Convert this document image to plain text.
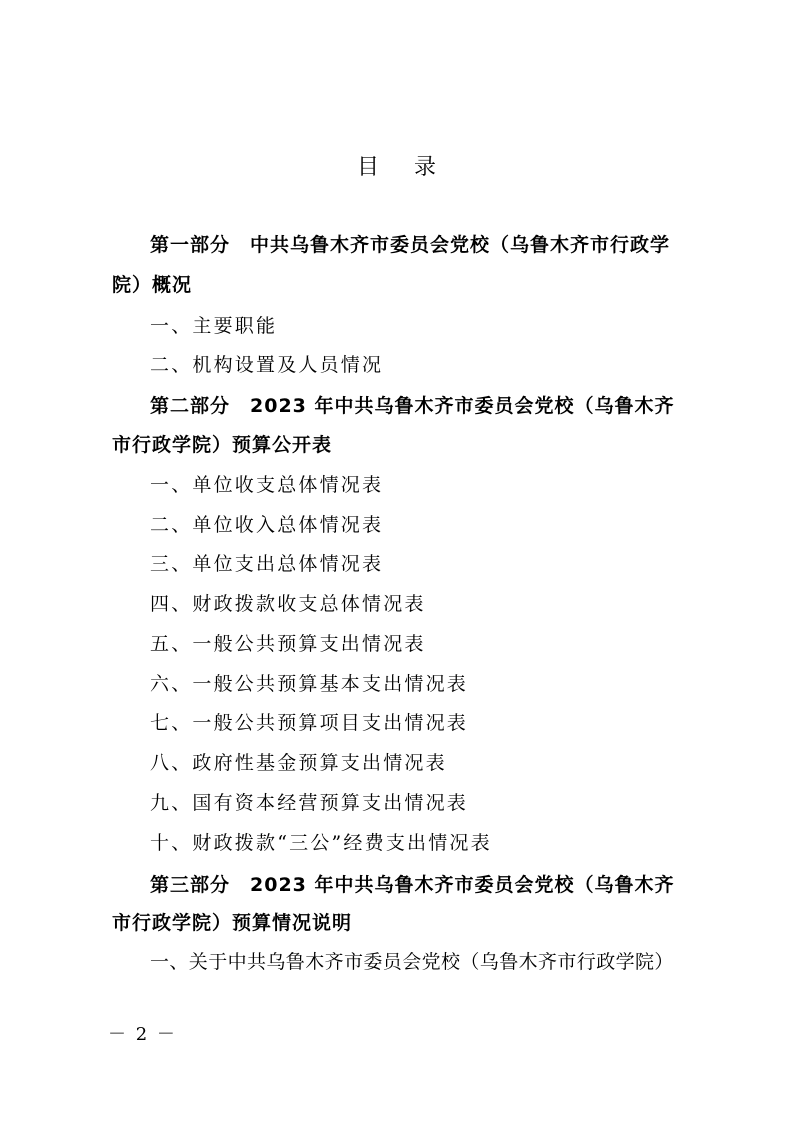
目 录
第一部分　中共乌鲁木齐市委员会党校（乌鲁木齐市行政学
院）概况
一、主要职能
二、机构设置及人员情况
第二部分　2023 年中共乌鲁木齐市委员会党校（乌鲁木齐
市行政学院）预算公开表
一、单位收支总体情况表
二、单位收入总体情况表
三、单位支出总体情况表
四、财政拨款收支总体情况表
五、一般公共预算支出情况表
六、一般公共预算基本支出情况表
七、一般公共预算项目支出情况表
八、政府性基金预算支出情况表
九、国有资本经营预算支出情况表
十、财政拨款“三公”经费支出情况表
第三部分　2023 年中共乌鲁木齐市委员会党校（乌鲁木齐
市行政学院）预算情况说明
一、关于中共乌鲁木齐市委员会党校（乌鲁木齐市行政学院）
－ 2 －
